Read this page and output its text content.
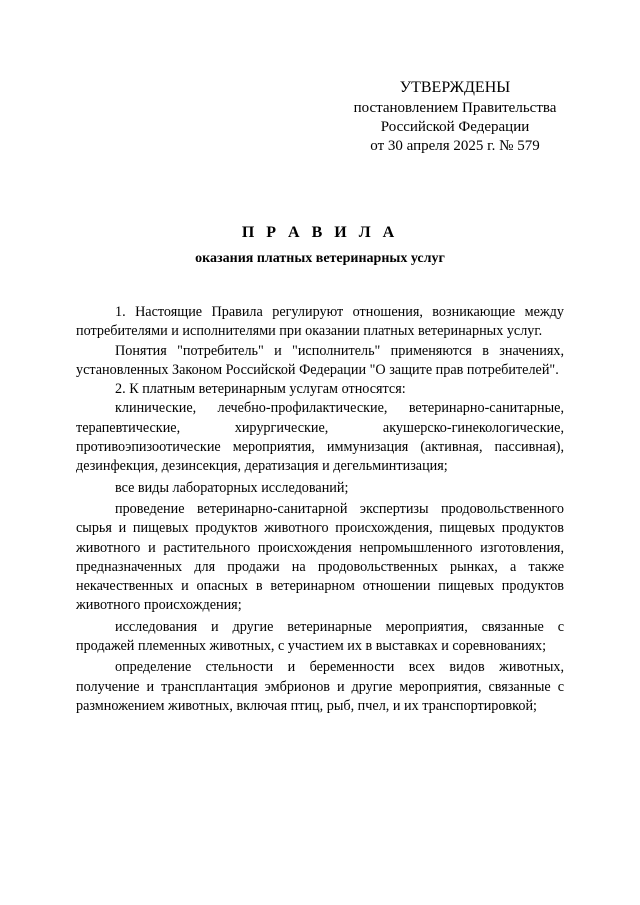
УТВЕРЖДЕНЫ
постановлением Правительства
Российской Федерации
от 30 апреля 2025 г. № 579
П Р А В И Л А
оказания платных ветеринарных услуг

1. Настоящие Правила регулируют отношения, возникающие между потребителями и исполнителями при оказании платных ветеринарных услуг.

Понятия "потребитель" и "исполнитель" применяются в значениях, установленных Законом Российской Федерации "О защите прав потребителей".

2. К платным ветеринарным услугам относятся:

клинические, лечебно-профилактические, ветеринарно-санитарные, терапевтические, хирургические, акушерско-гинекологические, противоэпизоотические мероприятия, иммунизация (активная, пассивная), дезинфекция, дезинсекция, дератизация и дегельминтизация;

все виды лабораторных исследований;

проведение ветеринарно-санитарной экспертизы продовольственного сырья и пищевых продуктов животного происхождения, пищевых продуктов животного и растительного происхождения непромышленного изготовления, предназначенных для продажи на продовольственных рынках, а также некачественных и опасных в ветеринарном отношении пищевых продуктов животного происхождения;

исследования и другие ветеринарные мероприятия, связанные с продажей племенных животных, с участием их в выставках и соревнованиях;

определение стельности и беременности всех видов животных, получение и трансплантация эмбрионов и другие мероприятия, связанные с размножением животных, включая птиц, рыб, пчел, и их транспортировкой;
